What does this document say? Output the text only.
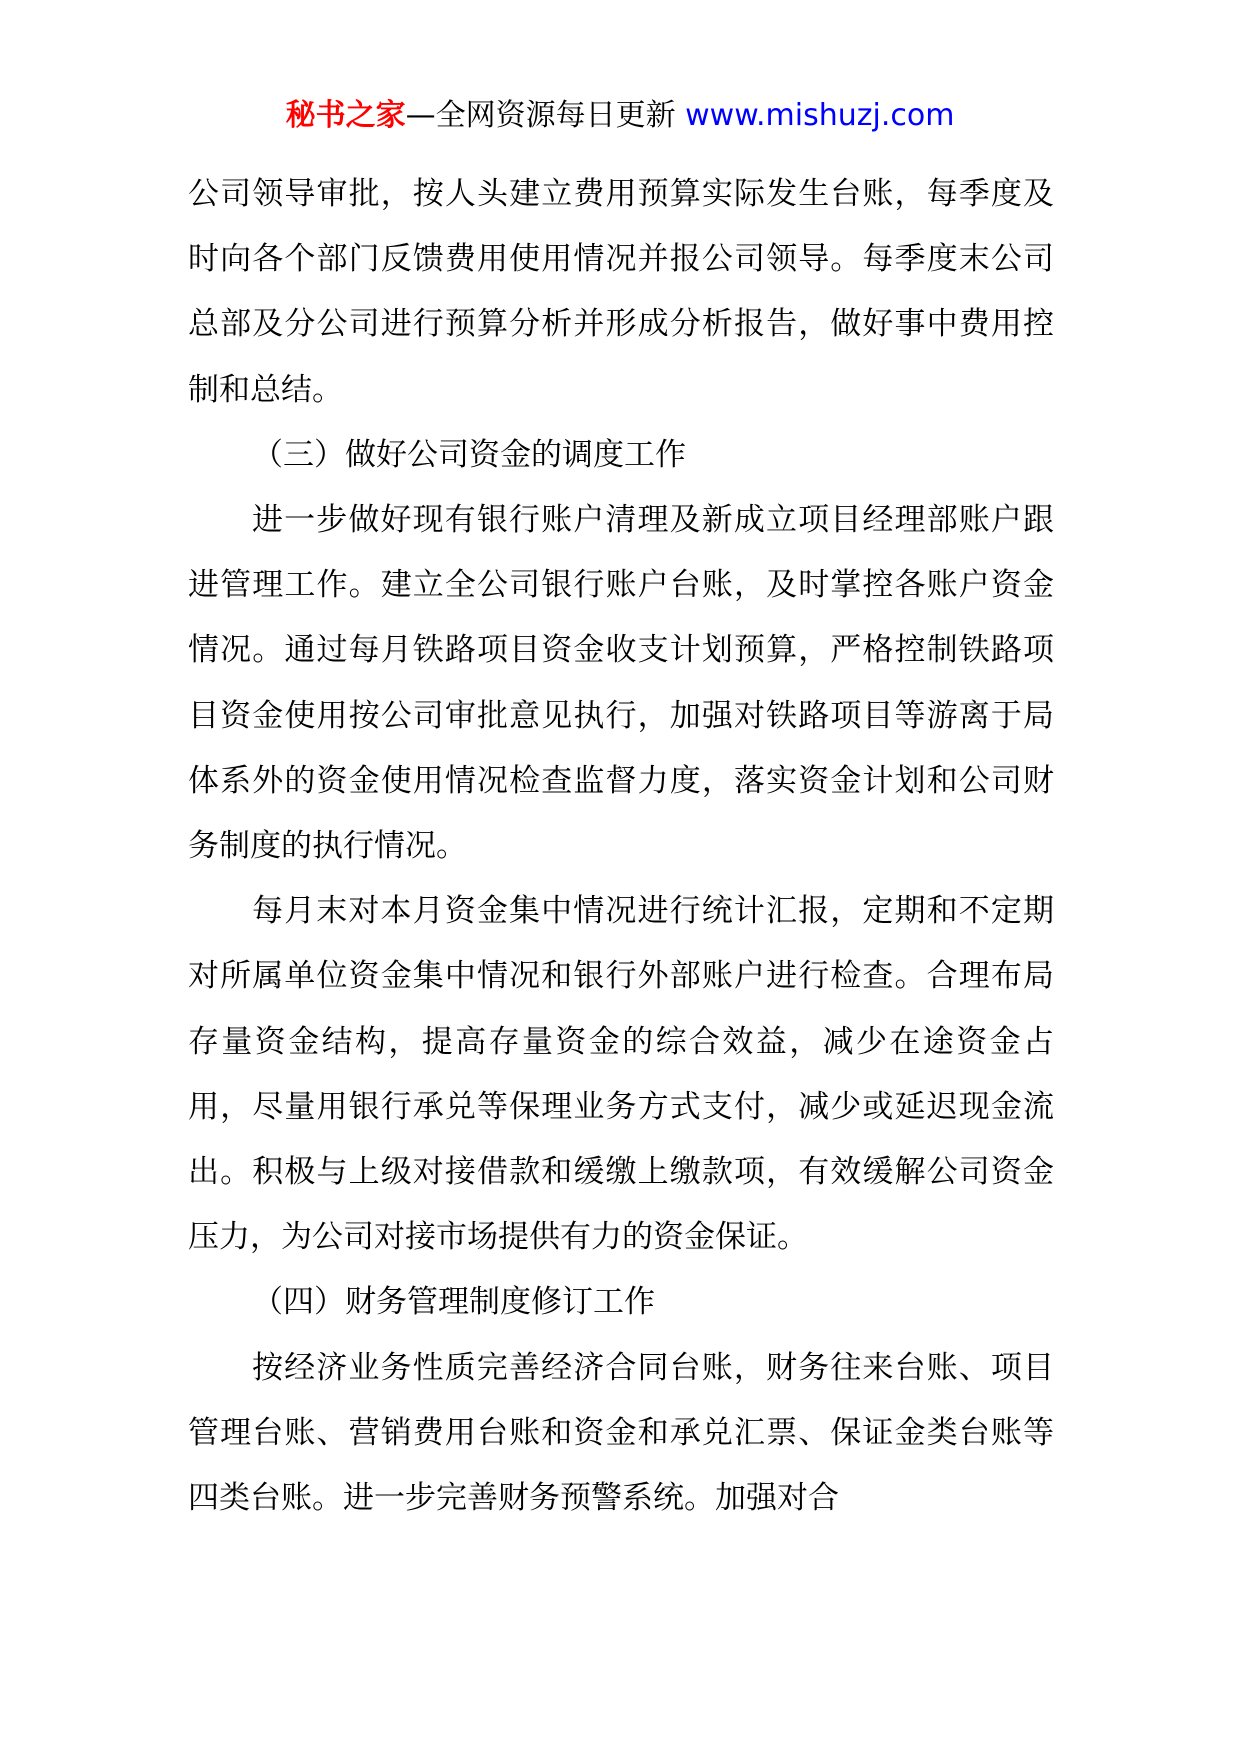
秘书之家—全网资源每日更新 www.mishuzj.com

公司领导审批，按人头建立费用预算实际发生台账，每季度及时向各个部门反馈费用使用情况并报公司领导。每季度末公司总部及分公司进行预算分析并形成分析报告，做好事中费用控制和总结。

（三）做好公司资金的调度工作

进一步做好现有银行账户清理及新成立项目经理部账户跟进管理工作。建立全公司银行账户台账，及时掌控各账户资金情况。通过每月铁路项目资金收支计划预算，严格控制铁路项目资金使用按公司审批意见执行，加强对铁路项目等游离于局体系外的资金使用情况检查监督力度，落实资金计划和公司财务制度的执行情况。

每月末对本月资金集中情况进行统计汇报，定期和不定期对所属单位资金集中情况和银行外部账户进行检查。合理布局存量资金结构，提高存量资金的综合效益，减少在途资金占用，尽量用银行承兑等保理业务方式支付，减少或延迟现金流出。积极与上级对接借款和缓缴上缴款项，有效缓解公司资金压力，为公司对接市场提供有力的资金保证。

（四）财务管理制度修订工作

按经济业务性质完善经济合同台账，财务往来台账、项目管理台账、营销费用台账和资金和承兑汇票、保证金类台账等四类台账。进一步完善财务预警系统。加强对合
